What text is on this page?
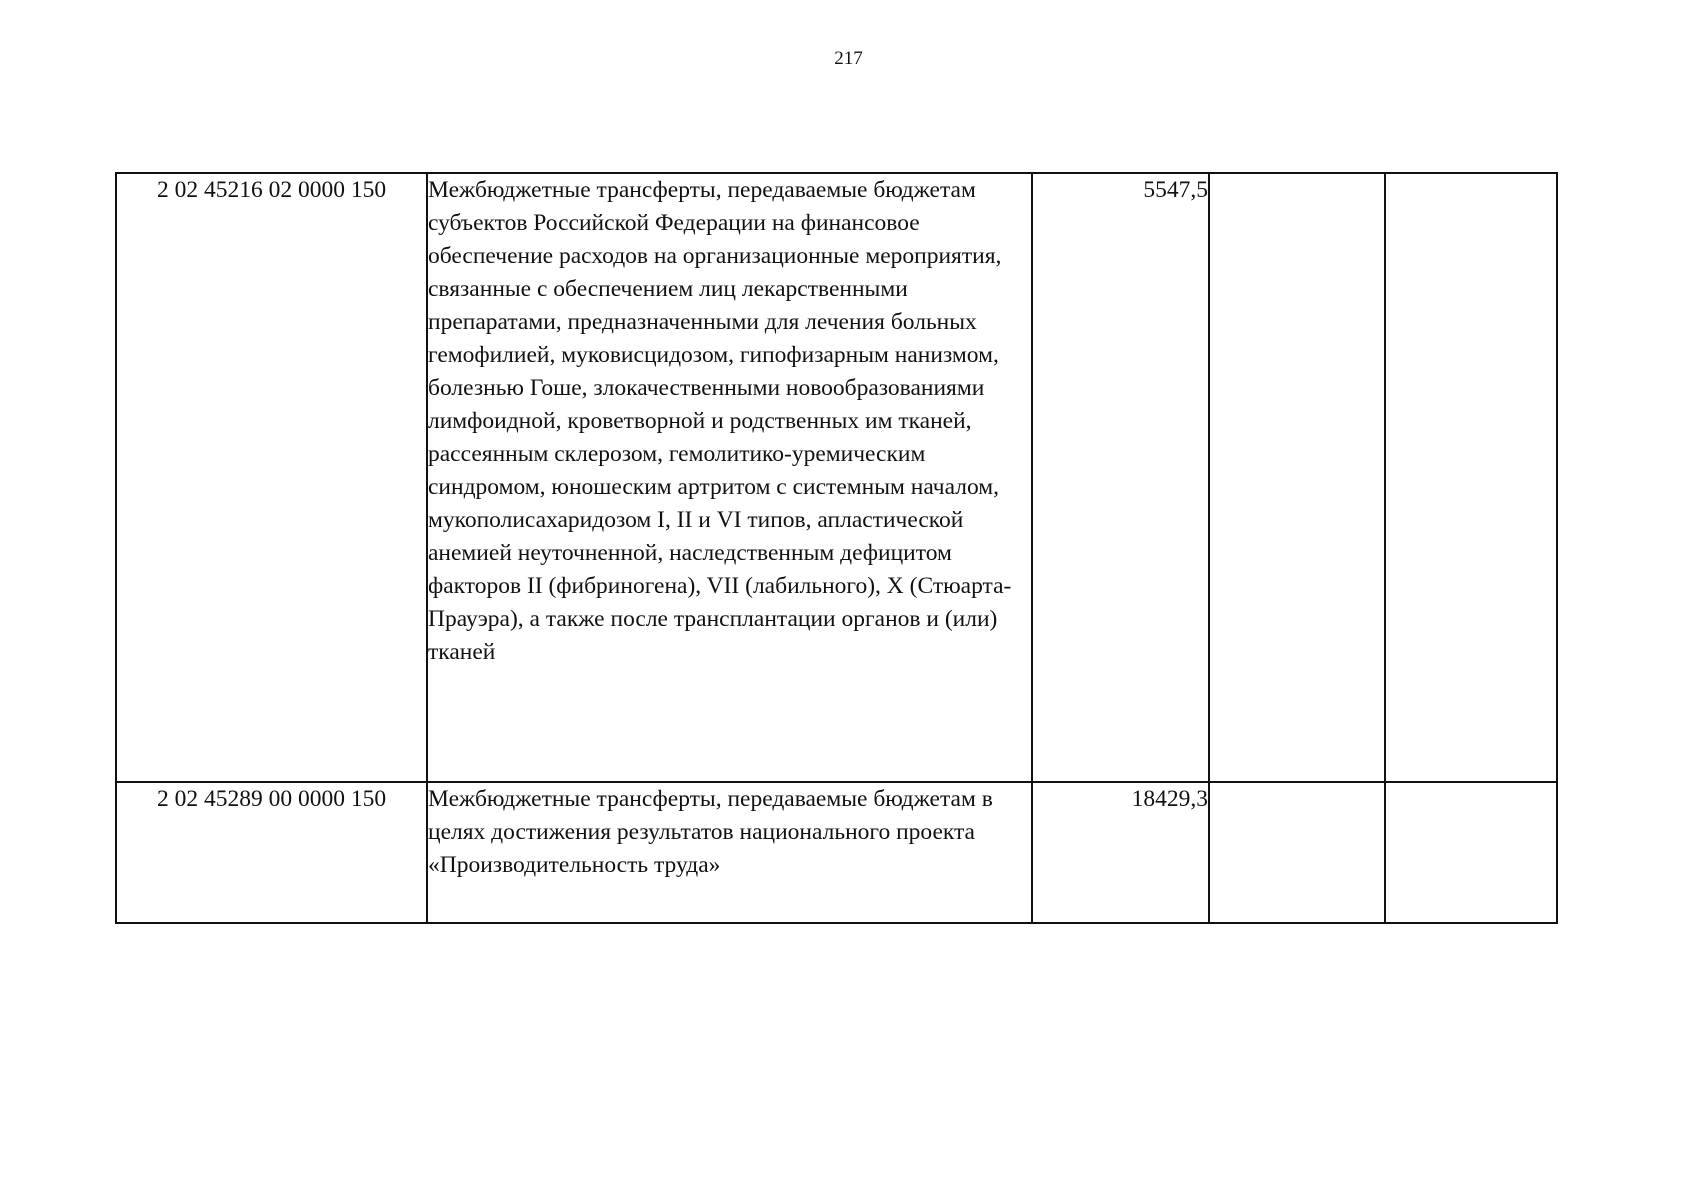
217
2 02 45216 02 0000 150	Межбюджетные трансферты, передаваемые бюджетам субъектов Российской Федерации на финансовое обеспечение расходов на организационные мероприятия, связанные с обеспечением лиц лекарственными препаратами, предназначенными для лечения больных гемофилией, муковисцидозом, гипофизарным нанизмом, болезнью Гоше, злокачественными новообразованиями лимфоидной, кроветворной и родственных им тканей, рассеянным склерозом, гемолитико-уремическим синдромом, юношеским артритом с системным началом, мукополисахаридозом I, II и VI типов, апластической анемией неуточненной, наследственным дефицитом факторов II (фибриногена), VII (лабильного), X (Стюарта-Прауэра), а также после трансплантации органов и (или) тканей	5547,5		
2 02 45289 00 0000 150	Межбюджетные трансферты, передаваемые бюджетам в целях достижения результатов национального проекта «Производительность труда»	18429,3		
